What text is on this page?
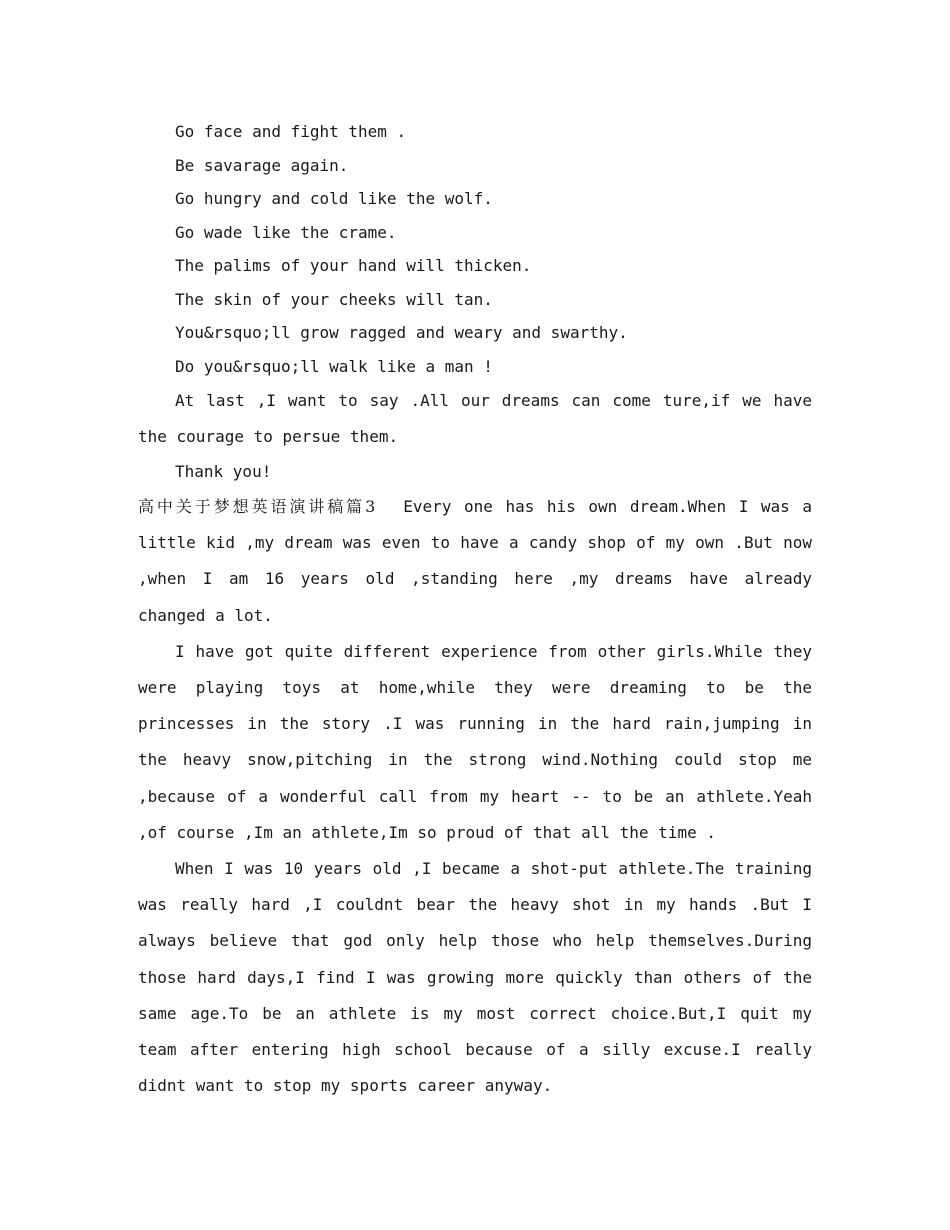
Go face and fight them .
Be savarage again.
Go hungry and cold like the wolf.
Go wade like the crame.
The palims of your hand will thicken.
The skin of your cheeks will tan.
You&rsquo;ll grow ragged and weary and swarthy.
Do you&rsquo;ll walk like a man !

At last ,I want to say .All our dreams can come ture,if we have the courage to persue them.

Thank you!

高中关于梦想英语演讲稿篇3 Every one has his own dream.When I was a little kid ,my dream was even to have a candy shop of my own .But now ,when I am 16 years old ,standing here ,my dreams have already changed a lot.

I have got quite different experience from other girls.While they were playing toys at home,while they were dreaming to be the princesses in the story .I was running in the hard rain,jumping in the heavy snow,pitching in the strong wind.Nothing could stop me ,because of a wonderful call from my heart -- to be an athlete.Yeah ,of course ,Im an athlete,Im so proud of that all the time .

When I was 10 years old ,I became a shot-put athlete.The training was really hard ,I couldnt bear the heavy shot in my hands .But I always believe that god only help those who help themselves.During those hard days,I find I was growing more quickly than others of the same age.To be an athlete is my most correct choice.But,I quit my team after entering high school because of a silly excuse.I really didnt want to stop my sports career anyway.
